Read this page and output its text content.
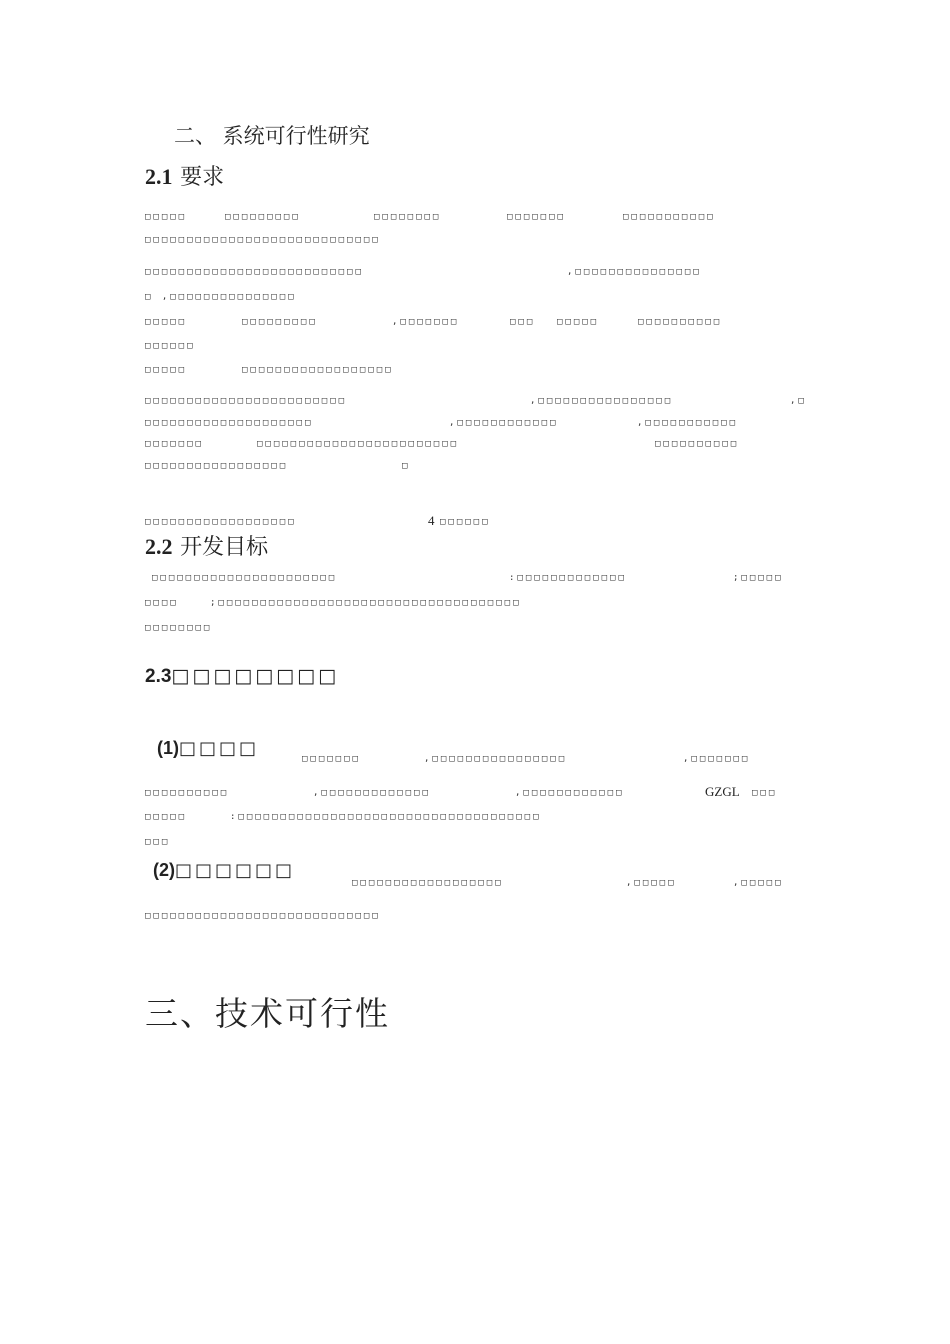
二、 系统可行性研究
2.1 要求
□□□□□	□□□□□□□□□	□□□□□□□□	□□□□□□□	□□□□□□□□□□□
□□□□□□□□□□□□□□□□□□□□□□□□□□□□
□□□□□□□□□□□□□□□□□□□□□□□□□□	,□□□□□□□□□□□□□□□
□ ,□□□□□□□□□□□□□□□
□□□□□	□□□□□□□□□	,□□□□□□□	□□□ □□□□□	□□□□□□□□□□
□□□□□□
□□□□□	□□□□□□□□□□□□□□□□□□
□□□□□□□□□□□□□□□□□□□□□□□□	,□□□□□□□□□□□□□□□□	,□
□□□□□□□□□□□□□□□□□□□□	,□□□□□□□□□□□□	,□□□□□□□□□□□
□□□□□□□	□□□□□□□□□□□□□□□□□□□□□□□□	□□□□□□□□□□
□□□□□□□□□□□□□□□□□	□
□□□□□□□□□□□□□□□□□□	4 □□□□□□
2.2 开发目标
□□□□□□□□□□□□□□□□□□□□□□	:□□□□□□□□□□□□□	;□□□□□
□□□□	;□□□□□□□□□□□□□□□□□□□□□□□□□□□□□□□□□□□□
□□□□□□□□
2.3□□□□□□□□
(1)□□□□	□□□□□□□	,□□□□□□□□□□□□□□□□	,□□□□□□□
□□□□□□□□□□	,□□□□□□□□□□□□□	,□□□□□□□□□□□□	GZGL □□□
□□□□□	:□□□□□□□□□□□□□□□□□□□□□□□□□□□□□□□□□□□□
□□□
(2)□□□□□□
□□□□□□□□□□□□□□□□□□	,□□□□□	,□□□□□
□□□□□□□□□□□□□□□□□□□□□□□□□□□□
三、技术可行性
